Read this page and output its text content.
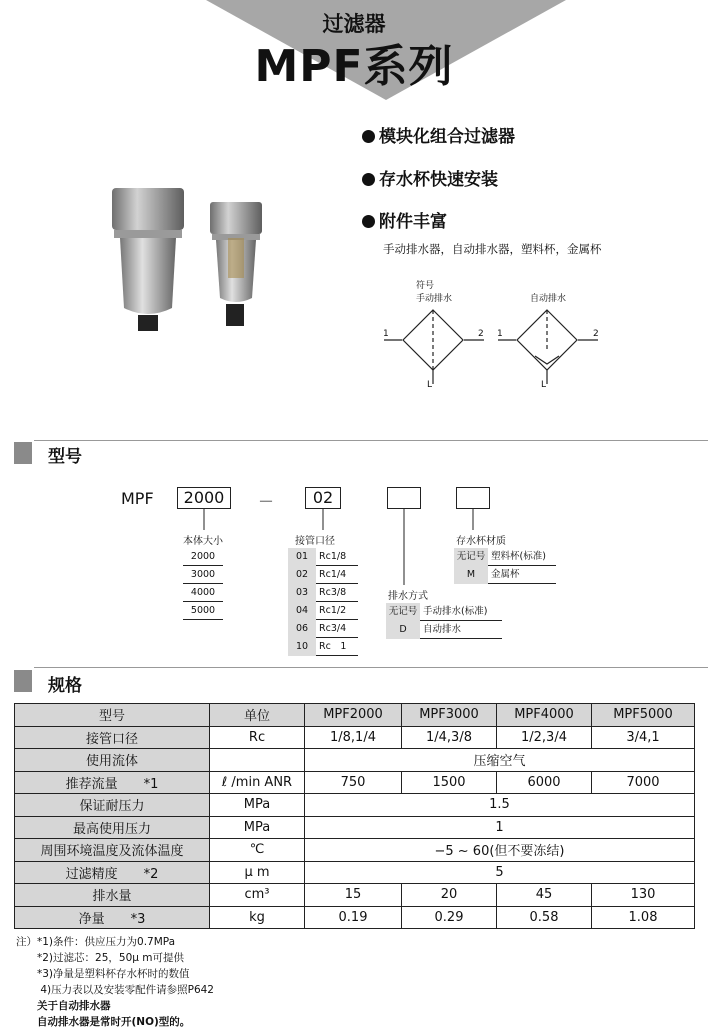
过滤器
MPF系列
模块化组合过滤器
存水杯快速安装
附件丰富
手动排水器，自动排水器，塑料杯，金属杯
符号
手动排水	自动排水
1	2
L
1	2
L
型号
MPF	2000	－	02
本体大小
2000
3000
4000
5000
接管口径
01 Rc1/8
02 Rc1/4
03 Rc3/8
04 Rc1/2
06 Rc3/4
10 Rc　1
存水杯材质
无记号 塑料杯(标准)
M 金属杯
排水方式
无记号 手动排水(标准)
D 自动排水
规格
型号	单位	MPF2000	MPF3000	MPF4000	MPF5000
接管口径	Rc	1/8,1/4	1/4,3/8	1/2,3/4	3/4,1
使用流体		压缩空气			
推荐流量　　*1	ℓ /min ANR	750	1500	6000	7000
保证耐压力	MPa	1.5			
最高使用压力	MPa	1			
周围环境温度及流体温度	℃	−5 ~ 60(但不要冻结)			
过滤精度　　*2	μ m	5			
排水量	cm³	15	20	45	130
净量　　*3	kg	0.19	0.29	0.58	1.08
注）*1)条件：供应压力为0.7MPa
　　*2)过滤芯：25，50μ m可提供
　　*3)净量是塑料杯存水杯时的数值
　　 4)压力表以及安装零配件请参照P642
　　关于自动排水器
　　自动排水器是常时开(NO)型的。
